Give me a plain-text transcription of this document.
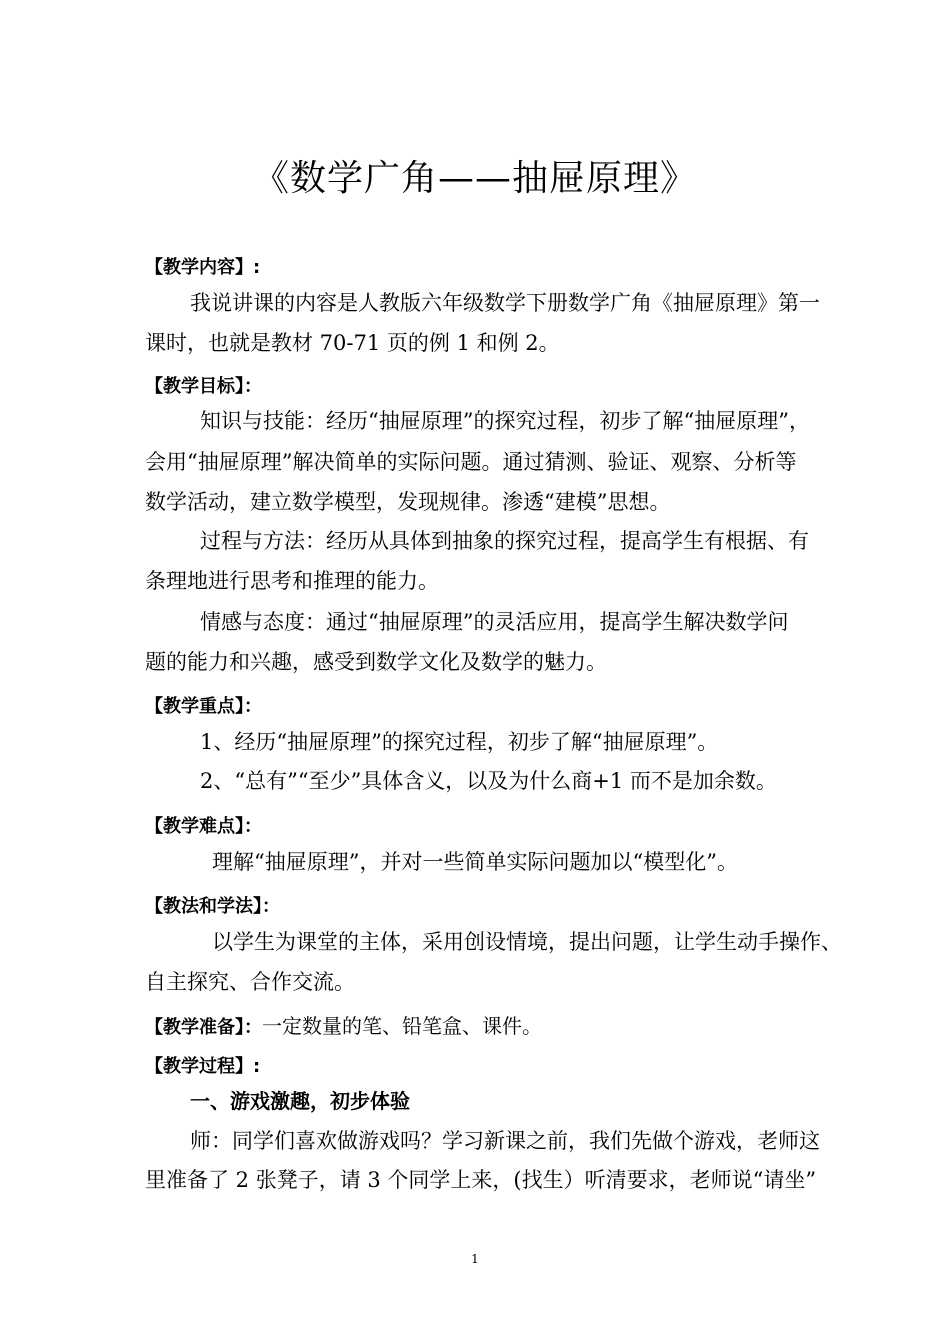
《数学广角——抽屉原理》
【教学内容】:
我说讲课的内容是人教版六年级数学下册数学广角《抽屉原理》第一
课时，也就是教材 70-71 页的例 1 和例 2。
【教学目标】：
知识与技能：经历“抽屉原理”的探究过程，初步了解“抽屉原理”，
会用“抽屉原理”解决简单的实际问题。通过猜测、验证、观察、分析等
数学活动，建立数学模型，发现规律。渗透“建模”思想。
过程与方法：经历从具体到抽象的探究过程，提高学生有根据、有
条理地进行思考和推理的能力。
情感与态度：通过“抽屉原理”的灵活应用，提高学生解决数学问
题的能力和兴趣，感受到数学文化及数学的魅力。
【教学重点】：
1、经历“抽屉原理”的探究过程，初步了解“抽屉原理”。
2、“总有”“至少”具体含义，以及为什么商+1 而不是加余数。
【教学难点】：
理解“抽屉原理”，并对一些简单实际问题加以“模型化”。
【教法和学法】：
以学生为课堂的主体，采用创设情境，提出问题，让学生动手操作、
自主探究、合作交流。
【教学准备】：一定数量的笔、铅笔盒、课件。
【教学过程】:
一、游戏激趣，初步体验
师：同学们喜欢做游戏吗？学习新课之前，我们先做个游戏，老师这
里准备了 2 张凳子，请 3 个同学上来，(找生）听清要求，老师说“请坐”
1
